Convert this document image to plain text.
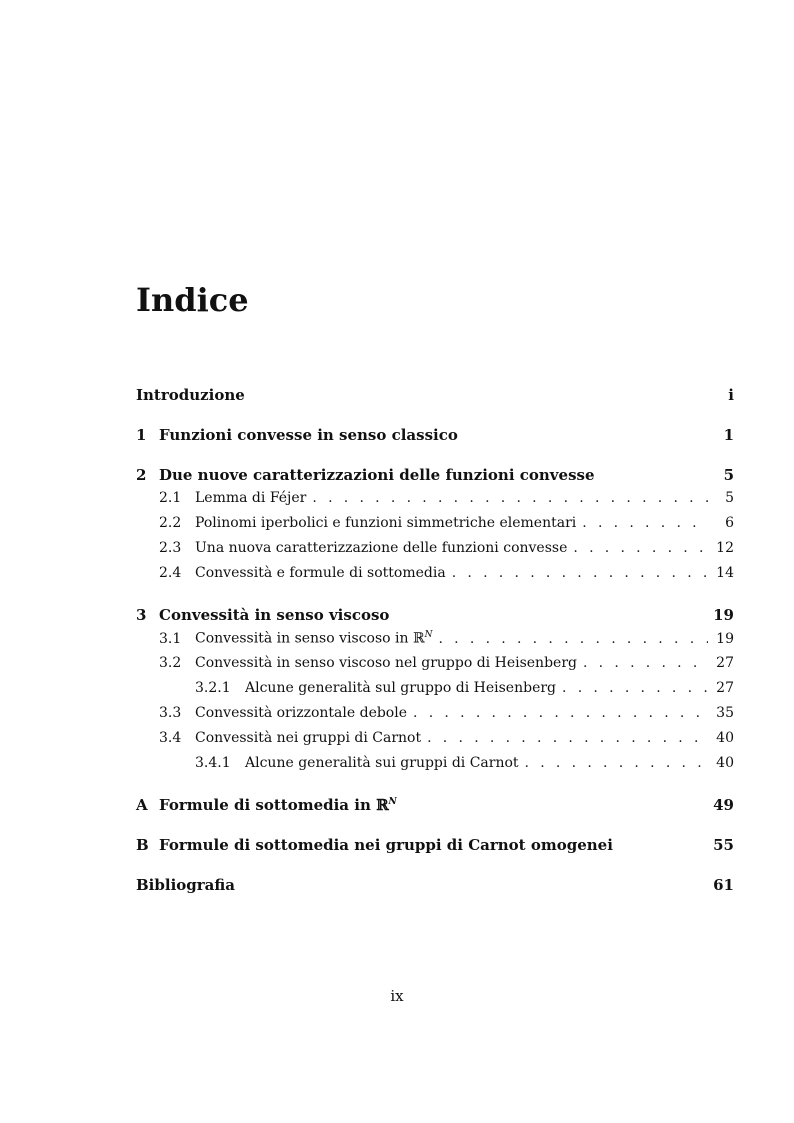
Indice
Introduzione	i
1 Funzioni convesse in senso classico	1
2 Due nuove caratterizzazioni delle funzioni convesse	5
2.1 Lemma di Féjer . . .	5
2.2 Polinomi iperbolici e funzioni simmetriche elementari . . .	6
2.3 Una nuova caratterizzazione delle funzioni convesse . . .	12
2.4 Convessità e formule di sottomedia . . .	14
3 Convessità in senso viscoso	19
3.1 Convessità in senso viscoso in ℝ$^N$ . . .	19
3.2 Convessità in senso viscoso nel gruppo di Heisenberg . . .	27
3.2.1	Alcune generalità sul gruppo di Heisenberg . . .	27
3.3 Convessità orizzontale debole . . .	35
3.4 Convessità nei gruppi di Carnot . . .	40
3.4.1	Alcune generalità sui gruppi di Carnot . . .	40
A Formule di sottomedia in ℝ$^N$	49
B Formule di sottomedia nei gruppi di Carnot omogenei	55
Bibliografia	61
ix
